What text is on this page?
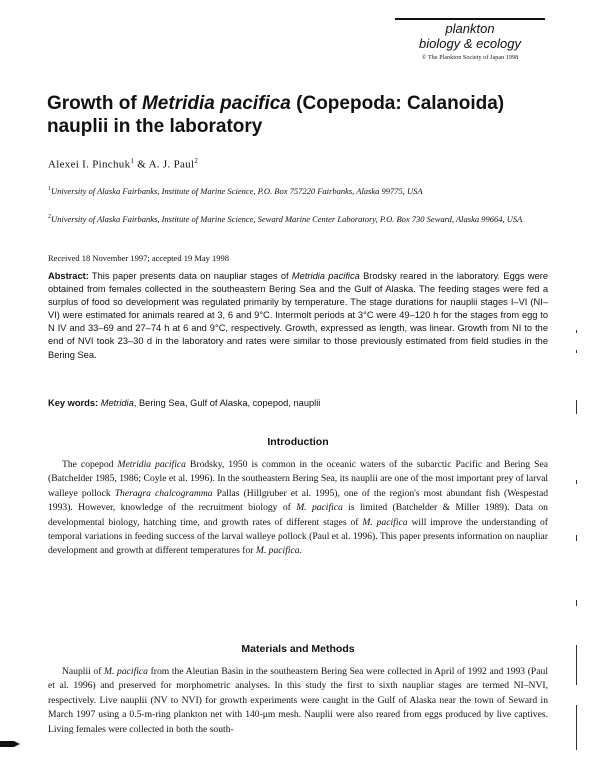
plankton
biology & ecology
© The Plankton Society of Japan 1998
Growth of Metridia pacifica (Copepoda: Calanoida) nauplii in the laboratory
Alexei I. Pinchuk$^1$ & A. J. Paul$^2$
$^1$University of Alaska Fairbanks, Institute of Marine Science, P.O. Box 757220 Fairbanks, Alaska 99775, USA
$^2$University of Alaska Fairbanks, Institute of Marine Science, Seward Marine Center Laboratory, P.O. Box 730 Seward, Alaska 99664, USA
Received 18 November 1997; accepted 19 May 1998
Abstract: This paper presents data on naupliar stages of Metridia pacifica Brodsky reared in the laboratory. Eggs were obtained from females collected in the southeastern Bering Sea and the Gulf of Alaska. The feeding stages were fed a surplus of food so development was regulated primarily by temperature. The stage durations for nauplii stages I–VI (NI–VI) were estimated for animals reared at 3, 6 and 9°C. Intermolt periods at 3°C were 49–120 h for the stages from egg to N IV and 33–69 and 27–74 h at 6 and 9°C, respectively. Growth, expressed as length, was linear. Growth from NI to the end of NVI took 23–30 d in the laboratory and rates were similar to those previously estimated from field studies in the Bering Sea.
Key words: Metridia, Bering Sea, Gulf of Alaska, copepod, nauplii
Introduction
The copepod Metridia pacifica Brodsky, 1950 is common in the oceanic waters of the subarctic Pacific and Bering Sea (Batchelder 1985, 1986; Coyle et al. 1996). In the southeastern Bering Sea, its nauplii are one of the most important prey of larval walleye pollock Theragra chalcogramma Pallas (Hillgruber et al. 1995), one of the region's most abundant fish (Wespestad 1993). However, knowledge of the recruitment biology of M. pacifica is limited (Batchelder & Miller 1989). Data on developmental biology, hatching time, and growth rates of different stages of M. pacifica will improve the understanding of temporal variations in feeding success of the larval walleye pollock (Paul et al. 1996). This paper presents information on naupliar development and growth at different temperatures for M. pacifica.
Materials and Methods
Nauplii of M. pacifica from the Aleutian Basin in the southeastern Bering Sea were collected in April of 1992 and 1993 (Paul et al. 1996) and preserved for morphometric analyses. In this study the first to sixth naupliar stages are termed NI–NVI, respectively. Live nauplii (NV to NVI) for growth experiments were caught in the Gulf of Alaska near the town of Seward in March 1997 using a 0.5-m-ring plankton net with 140-μm mesh. Nauplii were also reared from eggs produced by live captives. Living females were collected in both the south-
